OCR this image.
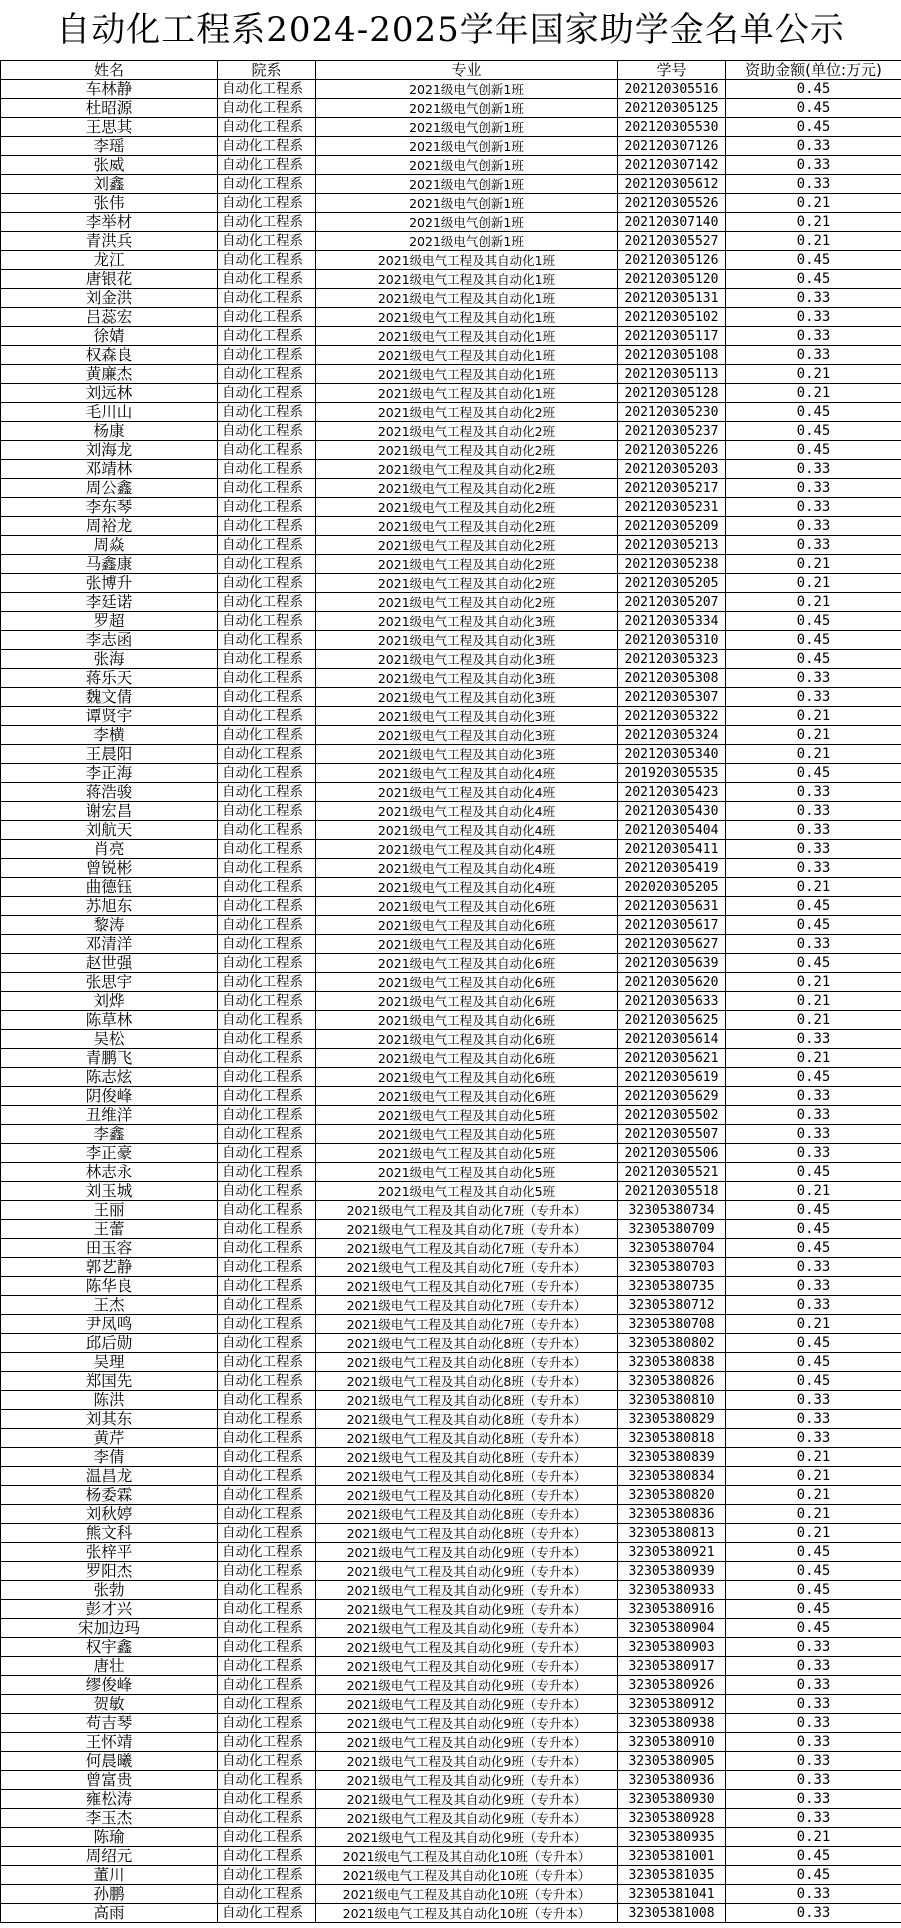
自动化工程系2024-2025学年国家助学金名单公示
姓名	院系	专业	学号	资助金额(单位:万元)
车林静	自动化工程系	2021级电气创新1班	202120305516	0.45
杜昭源	自动化工程系	2021级电气创新1班	202120305125	0.45
王思其	自动化工程系	2021级电气创新1班	202120305530	0.45
李瑶	自动化工程系	2021级电气创新1班	202120307126	0.33
张威	自动化工程系	2021级电气创新1班	202120307142	0.33
刘鑫	自动化工程系	2021级电气创新1班	202120305612	0.33
张伟	自动化工程系	2021级电气创新1班	202120305526	0.21
李举材	自动化工程系	2021级电气创新1班	202120307140	0.21
青洪兵	自动化工程系	2021级电气创新1班	202120305527	0.21
龙江	自动化工程系	2021级电气工程及其自动化1班	202120305126	0.45
唐银花	自动化工程系	2021级电气工程及其自动化1班	202120305120	0.45
刘金洪	自动化工程系	2021级电气工程及其自动化1班	202120305131	0.33
吕蕊宏	自动化工程系	2021级电气工程及其自动化1班	202120305102	0.33
徐婧	自动化工程系	2021级电气工程及其自动化1班	202120305117	0.33
权森良	自动化工程系	2021级电气工程及其自动化1班	202120305108	0.33
黄廉杰	自动化工程系	2021级电气工程及其自动化1班	202120305113	0.21
刘远林	自动化工程系	2021级电气工程及其自动化1班	202120305128	0.21
毛川山	自动化工程系	2021级电气工程及其自动化2班	202120305230	0.45
杨康	自动化工程系	2021级电气工程及其自动化2班	202120305237	0.45
刘海龙	自动化工程系	2021级电气工程及其自动化2班	202120305226	0.45
邓靖林	自动化工程系	2021级电气工程及其自动化2班	202120305203	0.33
周公鑫	自动化工程系	2021级电气工程及其自动化2班	202120305217	0.33
李东琴	自动化工程系	2021级电气工程及其自动化2班	202120305231	0.33
周裕龙	自动化工程系	2021级电气工程及其自动化2班	202120305209	0.33
周焱	自动化工程系	2021级电气工程及其自动化2班	202120305213	0.33
马鑫康	自动化工程系	2021级电气工程及其自动化2班	202120305238	0.21
张博升	自动化工程系	2021级电气工程及其自动化2班	202120305205	0.21
李廷诺	自动化工程系	2021级电气工程及其自动化2班	202120305207	0.21
罗超	自动化工程系	2021级电气工程及其自动化3班	202120305334	0.45
李志函	自动化工程系	2021级电气工程及其自动化3班	202120305310	0.45
张海	自动化工程系	2021级电气工程及其自动化3班	202120305323	0.45
蒋乐天	自动化工程系	2021级电气工程及其自动化3班	202120305308	0.33
魏文倩	自动化工程系	2021级电气工程及其自动化3班	202120305307	0.33
谭贤宇	自动化工程系	2021级电气工程及其自动化3班	202120305322	0.21
李横	自动化工程系	2021级电气工程及其自动化3班	202120305324	0.21
王晨阳	自动化工程系	2021级电气工程及其自动化3班	202120305340	0.21
李正海	自动化工程系	2021级电气工程及其自动化4班	201920305535	0.45
蒋浩骏	自动化工程系	2021级电气工程及其自动化4班	202120305423	0.33
谢宏昌	自动化工程系	2021级电气工程及其自动化4班	202120305430	0.33
刘航天	自动化工程系	2021级电气工程及其自动化4班	202120305404	0.33
肖亮	自动化工程系	2021级电气工程及其自动化4班	202120305411	0.33
曾锐彬	自动化工程系	2021级电气工程及其自动化4班	202120305419	0.33
曲德钰	自动化工程系	2021级电气工程及其自动化4班	202020305205	0.21
苏旭东	自动化工程系	2021级电气工程及其自动化6班	202120305631	0.45
黎涛	自动化工程系	2021级电气工程及其自动化6班	202120305617	0.45
邓清洋	自动化工程系	2021级电气工程及其自动化6班	202120305627	0.33
赵世强	自动化工程系	2021级电气工程及其自动化6班	202120305639	0.45
张思宇	自动化工程系	2021级电气工程及其自动化6班	202120305620	0.21
刘烨	自动化工程系	2021级电气工程及其自动化6班	202120305633	0.21
陈草林	自动化工程系	2021级电气工程及其自动化6班	202120305625	0.21
吴松	自动化工程系	2021级电气工程及其自动化6班	202120305614	0.33
青鹏飞	自动化工程系	2021级电气工程及其自动化6班	202120305621	0.21
陈志炫	自动化工程系	2021级电气工程及其自动化6班	202120305619	0.45
阴俊峰	自动化工程系	2021级电气工程及其自动化6班	202120305629	0.33
丑维洋	自动化工程系	2021级电气工程及其自动化5班	202120305502	0.33
李鑫	自动化工程系	2021级电气工程及其自动化5班	202120305507	0.33
李正豪	自动化工程系	2021级电气工程及其自动化5班	202120305506	0.33
林志永	自动化工程系	2021级电气工程及其自动化5班	202120305521	0.45
刘玉城	自动化工程系	2021级电气工程及其自动化5班	202120305518	0.21
王丽	自动化工程系	2021级电气工程及其自动化7班（专升本）	32305380734	0.45
王蕾	自动化工程系	2021级电气工程及其自动化7班（专升本）	32305380709	0.45
田玉容	自动化工程系	2021级电气工程及其自动化7班（专升本）	32305380704	0.45
郭艺静	自动化工程系	2021级电气工程及其自动化7班（专升本）	32305380703	0.33
陈华良	自动化工程系	2021级电气工程及其自动化7班（专升本）	32305380735	0.33
王杰	自动化工程系	2021级电气工程及其自动化7班（专升本）	32305380712	0.33
尹凤鸣	自动化工程系	2021级电气工程及其自动化7班（专升本）	32305380708	0.21
邱后勋	自动化工程系	2021级电气工程及其自动化8班（专升本）	32305380802	0.45
吴理	自动化工程系	2021级电气工程及其自动化8班（专升本）	32305380838	0.45
郑国先	自动化工程系	2021级电气工程及其自动化8班（专升本）	32305380826	0.45
陈洪	自动化工程系	2021级电气工程及其自动化8班（专升本）	32305380810	0.33
刘其东	自动化工程系	2021级电气工程及其自动化8班（专升本）	32305380829	0.33
黄芹	自动化工程系	2021级电气工程及其自动化8班（专升本）	32305380818	0.33
李倩	自动化工程系	2021级电气工程及其自动化8班（专升本）	32305380839	0.21
温昌龙	自动化工程系	2021级电气工程及其自动化8班（专升本）	32305380834	0.21
杨委霖	自动化工程系	2021级电气工程及其自动化8班（专升本）	32305380820	0.21
刘秋婷	自动化工程系	2021级电气工程及其自动化8班（专升本）	32305380836	0.21
熊文科	自动化工程系	2021级电气工程及其自动化8班（专升本）	32305380813	0.21
张梓平	自动化工程系	2021级电气工程及其自动化9班（专升本）	32305380921	0.45
罗阳杰	自动化工程系	2021级电气工程及其自动化9班（专升本）	32305380939	0.45
张勃	自动化工程系	2021级电气工程及其自动化9班（专升本）	32305380933	0.45
彭才兴	自动化工程系	2021级电气工程及其自动化9班（专升本）	32305380916	0.45
宋加边玛	自动化工程系	2021级电气工程及其自动化9班（专升本）	32305380904	0.45
权宇鑫	自动化工程系	2021级电气工程及其自动化9班（专升本）	32305380903	0.33
唐壮	自动化工程系	2021级电气工程及其自动化9班（专升本）	32305380917	0.33
缪俊峰	自动化工程系	2021级电气工程及其自动化9班（专升本）	32305380926	0.33
贺敏	自动化工程系	2021级电气工程及其自动化9班（专升本）	32305380912	0.33
苟吉琴	自动化工程系	2021级电气工程及其自动化9班（专升本）	32305380938	0.33
王怀靖	自动化工程系	2021级电气工程及其自动化9班（专升本）	32305380910	0.33
何晨曦	自动化工程系	2021级电气工程及其自动化9班（专升本）	32305380905	0.33
曾富贵	自动化工程系	2021级电气工程及其自动化9班（专升本）	32305380936	0.33
雍松涛	自动化工程系	2021级电气工程及其自动化9班（专升本）	32305380930	0.33
李玉杰	自动化工程系	2021级电气工程及其自动化9班（专升本）	32305380928	0.33
陈瑜	自动化工程系	2021级电气工程及其自动化9班（专升本）	32305380935	0.21
周绍元	自动化工程系	2021级电气工程及其自动化10班（专升本）	32305381001	0.45
董川	自动化工程系	2021级电气工程及其自动化10班（专升本）	32305381035	0.45
孙鹏	自动化工程系	2021级电气工程及其自动化10班（专升本）	32305381041	0.33
高雨	自动化工程系	2021级电气工程及其自动化10班（专升本）	32305381008	0.33
